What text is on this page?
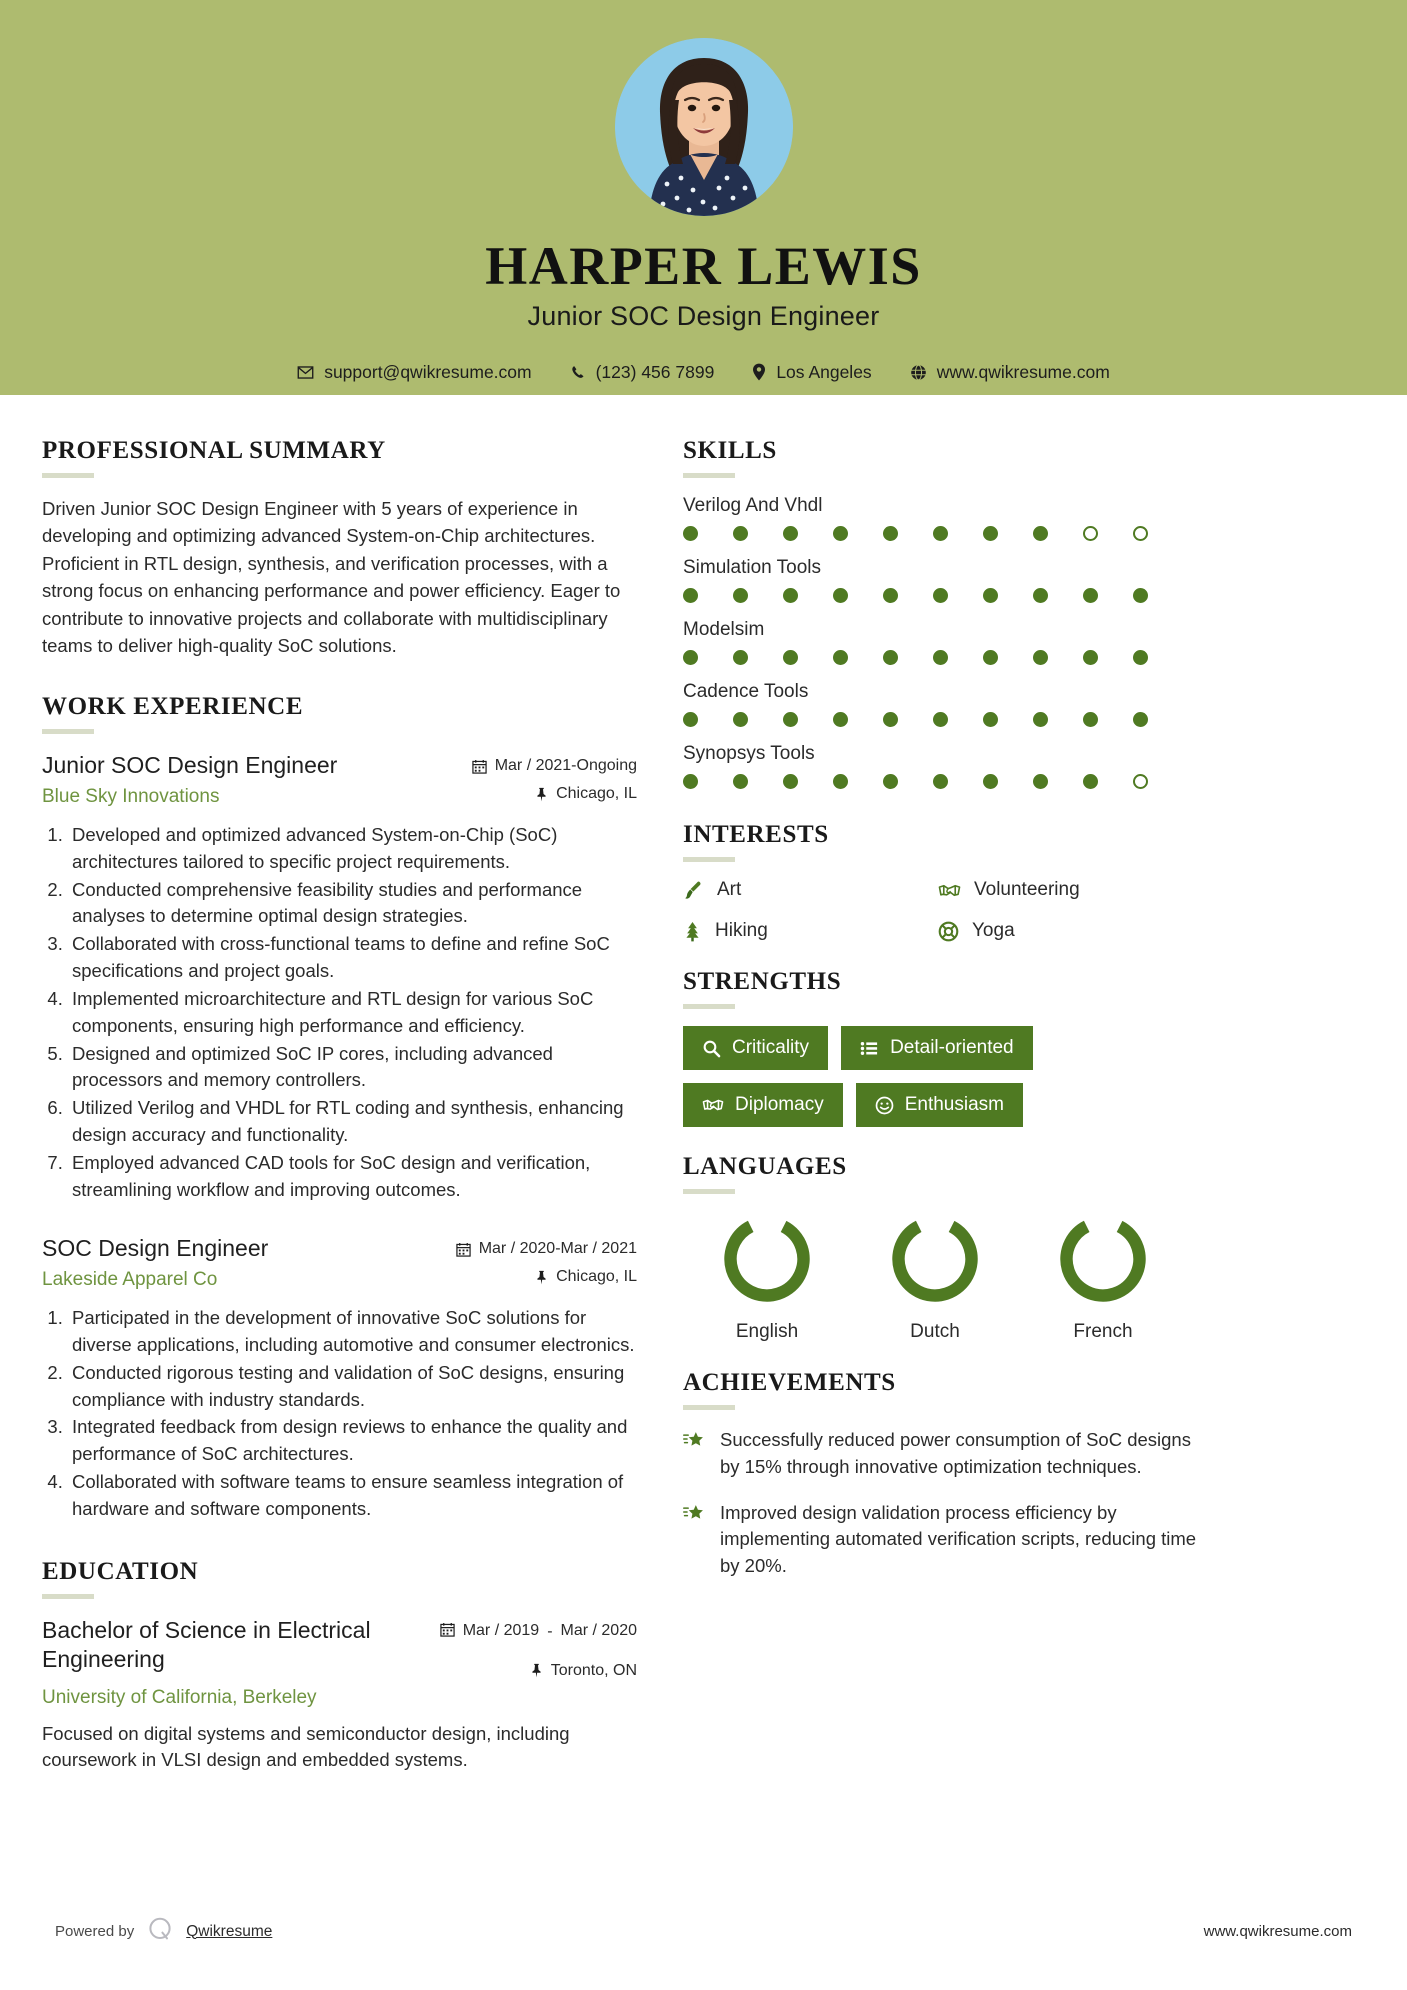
HARPER LEWIS
Junior SOC Design Engineer
support@qwikresume.com	(123) 456 7899	Los Angeles	www.qwikresume.com
PROFESSIONAL SUMMARY
Driven Junior SOC Design Engineer with 5 years of experience in developing and optimizing advanced System-on-Chip architectures. Proficient in RTL design, synthesis, and verification processes, with a strong focus on enhancing performance and power efficiency. Eager to contribute to innovative projects and collaborate with multidisciplinary teams to deliver high-quality SoC solutions.
WORK EXPERIENCE
Junior SOC Design Engineer
Blue Sky Innovations
Mar / 2021-Ongoing
Chicago, IL
1. Developed and optimized advanced System-on-Chip (SoC) architectures tailored to specific project requirements.
2. Conducted comprehensive feasibility studies and performance analyses to determine optimal design strategies.
3. Collaborated with cross-functional teams to define and refine SoC specifications and project goals.
4. Implemented microarchitecture and RTL design for various SoC components, ensuring high performance and efficiency.
5. Designed and optimized SoC IP cores, including advanced processors and memory controllers.
6. Utilized Verilog and VHDL for RTL coding and synthesis, enhancing design accuracy and functionality.
7. Employed advanced CAD tools for SoC design and verification, streamlining workflow and improving outcomes.
SOC Design Engineer
Lakeside Apparel Co
Mar / 2020-Mar / 2021
Chicago, IL
1. Participated in the development of innovative SoC solutions for diverse applications, including automotive and consumer electronics.
2. Conducted rigorous testing and validation of SoC designs, ensuring compliance with industry standards.
3. Integrated feedback from design reviews to enhance the quality and performance of SoC architectures.
4. Collaborated with software teams to ensure seamless integration of hardware and software components.
EDUCATION
Bachelor of Science in Electrical Engineering
University of California, Berkeley
Mar / 2019 - Mar / 2020
Toronto, ON
Focused on digital systems and semiconductor design, including coursework in VLSI design and embedded systems.
SKILLS
Verilog And Vhdl
Simulation Tools
Modelsim
Cadence Tools
Synopsys Tools
INTERESTS
Art	Volunteering
Hiking	Yoga
STRENGTHS
Criticality	Detail-oriented
Diplomacy	Enthusiasm
LANGUAGES
English	Dutch	French
ACHIEVEMENTS
Successfully reduced power consumption of SoC designs by 15% through innovative optimization techniques.
Improved design validation process efficiency by implementing automated verification scripts, reducing time by 20%.
Powered by	Qwikresume	www.qwikresume.com
